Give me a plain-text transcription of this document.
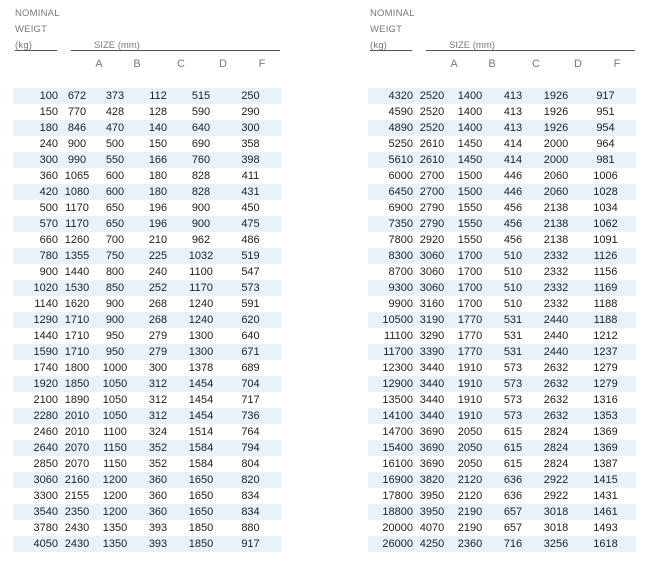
NOMINAL
WEIGT
(kg)	SIZE (mm)
A	B	C	D	F
100	672	373	112	515	250
150	770	428	128	590	290
180	846	470	140	640	300
240	900	500	150	690	358
300	990	550	166	760	398
360	1065	600	180	828	411
420	1080	600	180	828	431
500	1170	650	196	900	450
570	1170	650	196	900	475
660	1260	700	210	962	486
780	1355	750	225	1032	519
900	1440	800	240	1100	547
1020	1530	850	252	1170	573
1140	1620	900	268	1240	591
1290	1710	900	268	1240	620
1440	1710	950	279	1300	640
1590	1710	950	279	1300	671
1740	1800	1000	300	1378	689
1920	1850	1050	312	1454	704
2100	1890	1050	312	1454	717
2280	2010	1050	312	1454	736
2460	2010	1100	324	1514	764
2640	2070	1150	352	1584	794
2850	2070	1150	352	1584	804
3060	2160	1200	360	1650	820
3300	2155	1200	360	1650	834
3540	2350	1200	360	1650	834
3780	2430	1350	393	1850	880
4050	2430	1350	393	1850	917
NOMINAL
WEIGT
(kg)	SIZE (mm)
A	B	C	D	F
4320	2520	1400	413	1926	917
4590	2520	1400	413	1926	951
4890	2520	1400	413	1926	954
5250	2610	1450	414	2000	964
5610	2610	1450	414	2000	981
6000	2700	1500	446	2060	1006
6450	2700	1500	446	2060	1028
6900	2790	1550	456	2138	1034
7350	2790	1550	456	2138	1062
7800	2920	1550	456	2138	1091
8300	3060	1700	510	2332	1126
8700	3060	1700	510	2332	1156
9300	3060	1700	510	2332	1169
9900	3160	1700	510	2332	1188
10500	3190	1770	531	2440	1188
11100	3290	1770	531	2440	1212
11700	3390	1770	531	2440	1237
12300	3440	1910	573	2632	1279
12900	3440	1910	573	2632	1279
13500	3440	1910	573	2632	1316
14100	3440	1910	573	2632	1353
14700	3690	2050	615	2824	1369
15400	3690	2050	615	2824	1369
16100	3690	2050	615	2824	1387
16900	3820	2120	636	2922	1415
17800	3950	2120	636	2922	1431
18800	3950	2190	657	3018	1461
20000	4070	2190	657	3018	1493
26000	4250	2360	716	3256	1618
